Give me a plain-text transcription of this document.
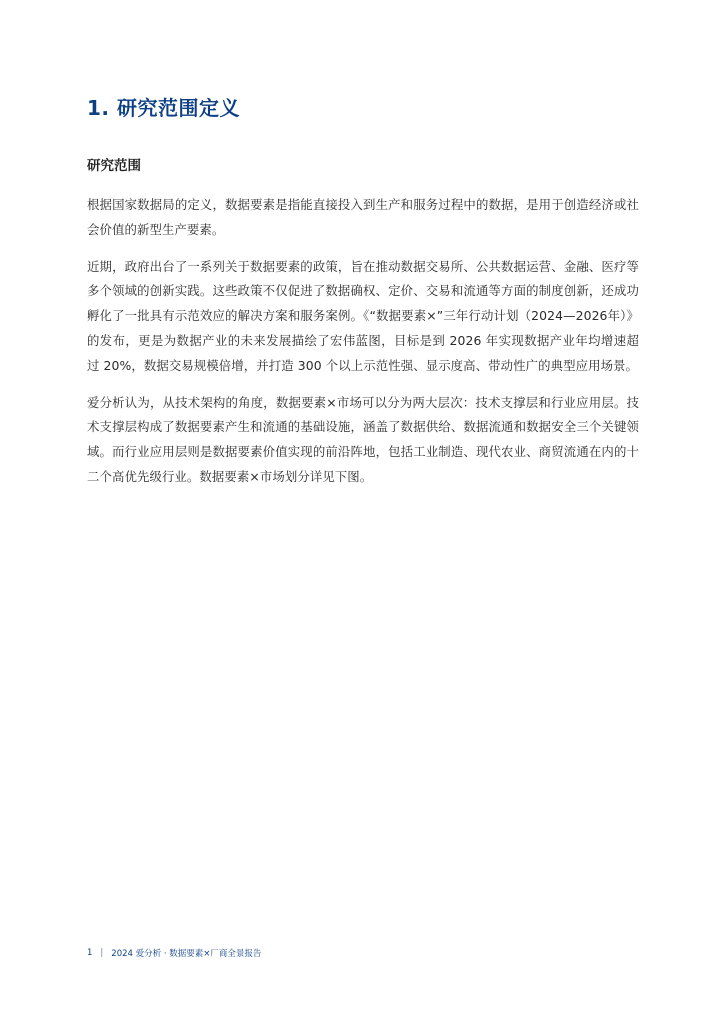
1. 研究范围定义
研究范围

根据国家数据局的定义，数据要素是指能直接投入到生产和服务过程中的数据，是用于创造经济或社会价值的新型生产要素。

近期，政府出台了一系列关于数据要素的政策，旨在推动数据交易所、公共数据运营、金融、医疗等多个领域的创新实践。这些政策不仅促进了数据确权、定价、交易和流通等方面的制度创新，还成功孵化了一批具有示范效应的解决方案和服务案例。《“数据要素×”三年行动计划（2024—2026年）》的发布，更是为数据产业的未来发展描绘了宏伟蓝图，目标是到 2026 年实现数据产业年均增速超过 20%，数据交易规模倍增，并打造 300 个以上示范性强、显示度高、带动性广的典型应用场景。

爱分析认为，从技术架构的角度，数据要素×市场可以分为两大层次：技术支撑层和行业应用层。技术支撑层构成了数据要素产生和流通的基础设施，涵盖了数据供给、数据流通和数据安全三个关键领域。而行业应用层则是数据要素价值实现的前沿阵地，包括工业制造、现代农业、商贸流通在内的十二个高优先级行业。数据要素×市场划分详见下图。

1 | 2024 爱分析 · 数据要素×厂商全景报告
